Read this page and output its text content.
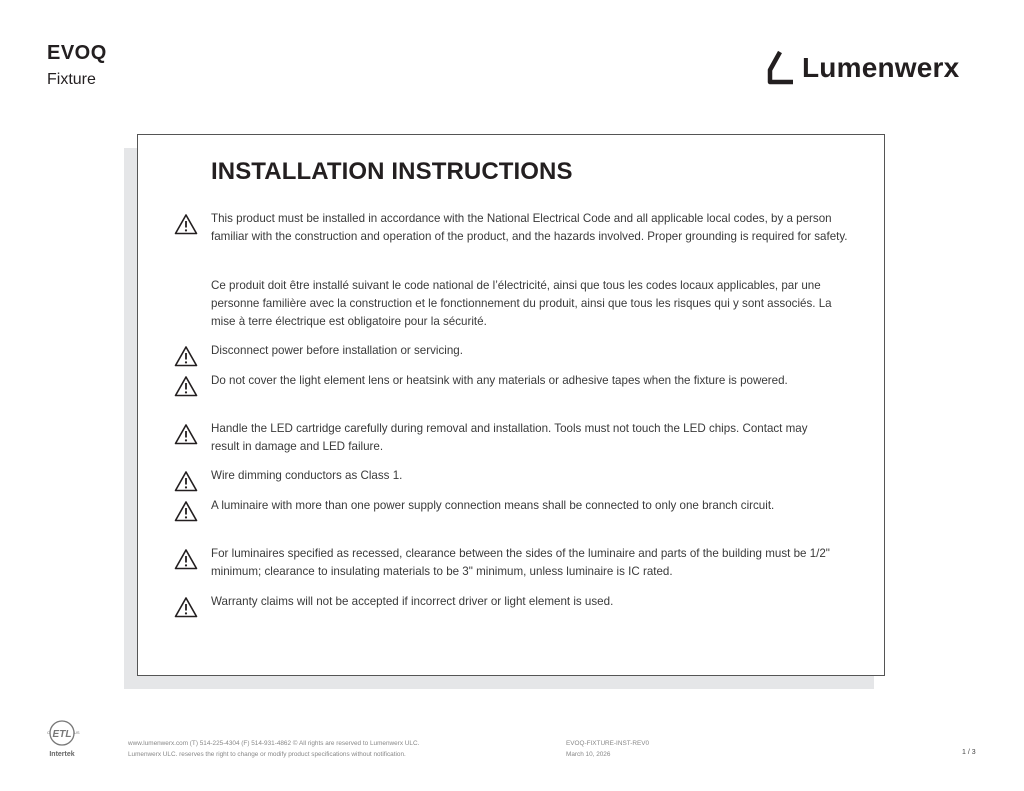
EVOQ
Fixture	Lumenwerx
INSTALLATION INSTRUCTIONS
This product must be installed in accordance with the National Electrical Code and all applicable local codes, by a person familiar with the construction and operation of the product, and the hazards involved. Proper grounding is required for safety.
Ce produit doit être installé suivant le code national de l’électricité, ainsi que tous les codes locaux applicables, par une personne familière avec la construction et le fonctionnement du produit, ainsi que tous les risques qui y sont associés. La mise à terre électrique est obligatoire pour la sécurité.
Disconnect power before installation or servicing.
Do not cover the light element lens or heatsink with any materials or adhesive tapes when the fixture is powered.
Handle the LED cartridge carefully during removal and installation. Tools must not touch the LED chips. Contact may result in damage and LED failure.
Wire dimming conductors as Class 1.
A luminaire with more than one power supply connection means shall be connected to only one branch circuit.
For luminaires specified as recessed, clearance between the sides of the luminaire and parts of the building must be 1/2" minimum; clearance to insulating materials to be 3" minimum, unless luminaire is IC rated.
Warranty claims will not be accepted if incorrect driver or light element is used.
ETL
C	US
Intertek
www.lumenwerx.com (T) 514-225-4304 (F) 514-931-4862 © All rights are reserved to Lumenwerx ULC.
Lumenwerx ULC. reserves the right to change or modify product specifications without notification.
EVOQ-FIXTURE-INST-REV0
March 10, 2026	1 / 3
